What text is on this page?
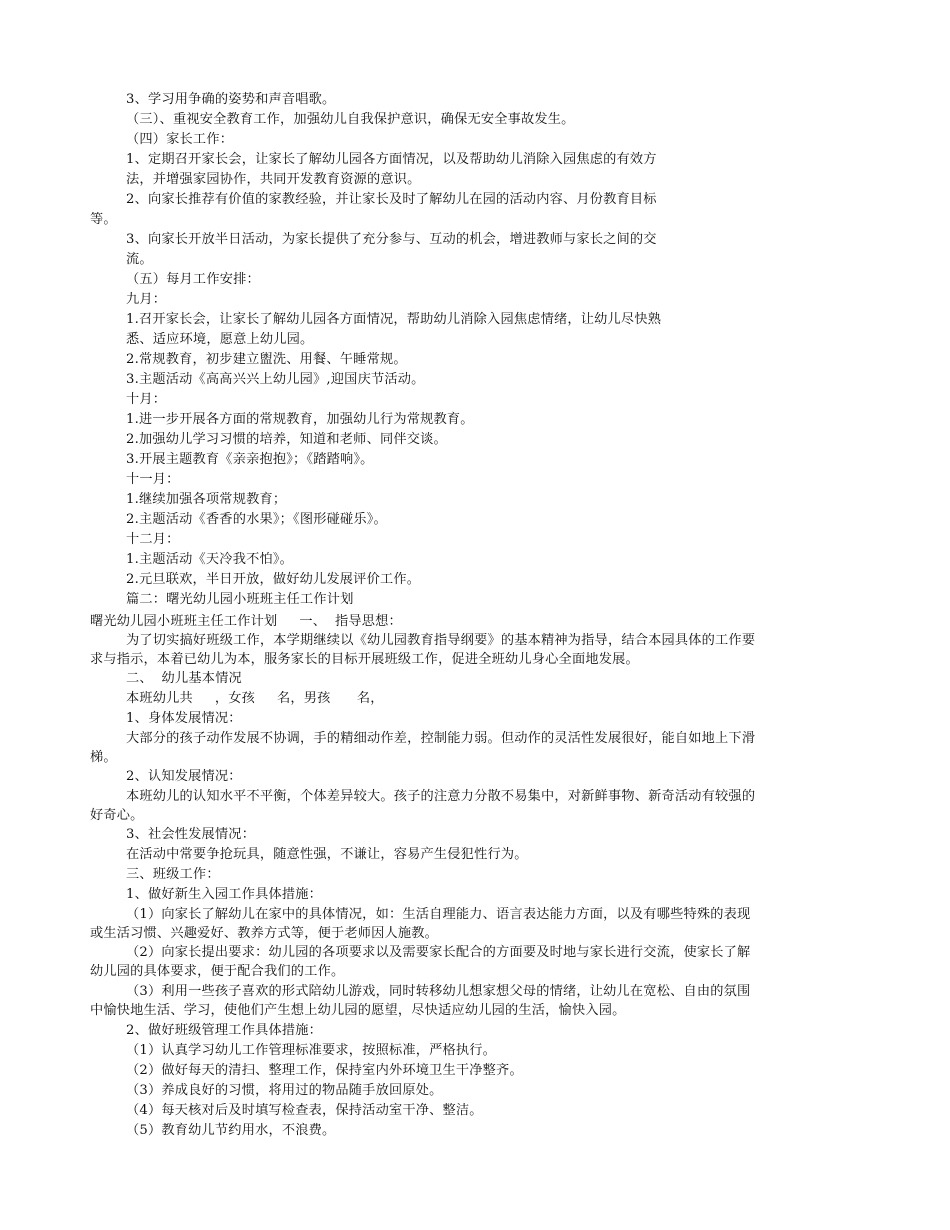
3、学习用争确的姿势和声音唱歌。
（三）、重视安全教育工作，加强幼儿自我保护意识，确保无安全事故发生。
（四）家长工作：
1、定期召开家长会，让家长了解幼儿园各方面情况，以及帮助幼儿消除入园焦虑的有效方
法，并增强家园协作，共同开发教育资源的意识。
2、向家长推荐有价值的家教经验，并让家长及时了解幼儿在园的活动内容、月份教育目标
等。
3、向家长开放半日活动，为家长提供了充分参与、互动的机会，增进教师与家长之间的交
流。
（五）每月工作安排：
九月：
1.召开家长会，让家长了解幼儿园各方面情况，帮助幼儿消除入园焦虑情绪，让幼儿尽快熟
悉、适应环境，愿意上幼儿园。
2.常规教育，初步建立盥洗、用餐、午睡常规。
3.主题活动《高高兴兴上幼儿园》,迎国庆节活动。
十月：
1.进一步开展各方面的常规教育，加强幼儿行为常规教育。
2.加强幼儿学习习惯的培养，知道和老师、同伴交谈。
3.开展主题教育《亲亲抱抱》；《踏踏响》。
十一月：
1.继续加强各项常规教育；
2.主题活动《香香的水果》；《图形碰碰乐》。
十二月：
1.主题活动《天冷我不怕》。
2.元旦联欢，半日开放，做好幼儿发展评价工作。
篇二：曙光幼儿园小班班主任工作计划
曙光幼儿园小班班主任工作计划     一、  指导思想：
为了切实搞好班级工作，本学期继续以《幼儿园教育指导纲要》的基本精神为指导，结合本园具体的工作要
求与指示，本着已幼儿为本，服务家长的目标开展班级工作，促进全班幼儿身心全面地发展。
二、  幼儿基本情况
本班幼儿共     ，女孩     名，男孩      名，
1、身体发展情况：
大部分的孩子动作发展不协调，手的精细动作差，控制能力弱。但动作的灵活性发展很好，能自如地上下滑
梯。
2、认知发展情况：
本班幼儿的认知水平不平衡，个体差异较大。孩子的注意力分散不易集中，对新鲜事物、新奇活动有较强的
好奇心。
3、社会性发展情况：
在活动中常要争抢玩具，随意性强，不谦让，容易产生侵犯性行为。
三、班级工作：
1、做好新生入园工作具体措施：
（1）向家长了解幼儿在家中的具体情况，如：生活自理能力、语言表达能力方面，以及有哪些特殊的表现
或生活习惯、兴趣爱好、教养方式等，便于老师因人施教。
（2）向家长提出要求：幼儿园的各项要求以及需要家长配合的方面要及时地与家长进行交流，使家长了解
幼儿园的具体要求，便于配合我们的工作。
（3）利用一些孩子喜欢的形式陪幼儿游戏，同时转移幼儿想家想父母的情绪，让幼儿在宽松、自由的氛围
中愉快地生活、学习，使他们产生想上幼儿园的愿望，尽快适应幼儿园的生活，愉快入园。
2、做好班级管理工作具体措施：
（1）认真学习幼儿工作管理标准要求，按照标准，严格执行。
（2）做好每天的清扫、整理工作，保持室内外环境卫生干净整齐。
（3）养成良好的习惯，将用过的物品随手放回原处。
（4）每天核对后及时填写检查表，保持活动室干净、整洁。
（5）教育幼儿节约用水，不浪费。
